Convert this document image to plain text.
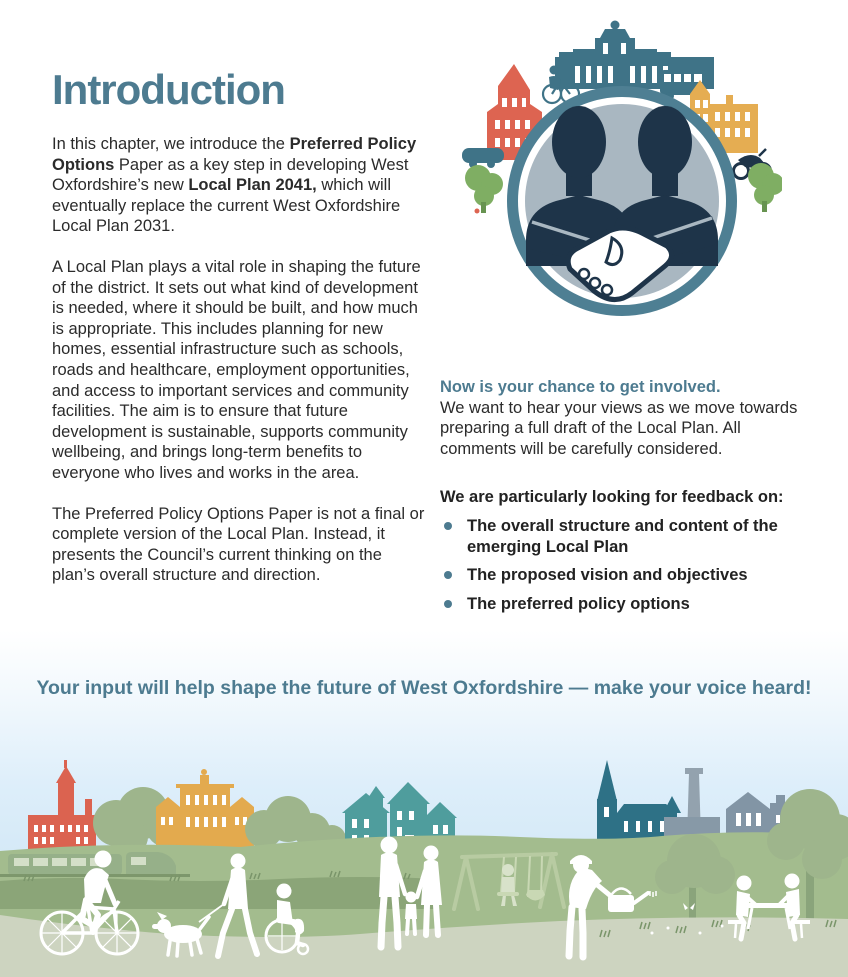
Introduction

In this chapter, we introduce the Preferred Policy Options Paper as a key step in developing West Oxfordshire’s new Local Plan 2041, which will eventually replace the current West Oxfordshire Local Plan 2031.

A Local Plan plays a vital role in shaping the future of the district. It sets out what kind of development is needed, where it should be built, and how much is appropriate. This includes planning for new homes, essential infrastructure such as schools, roads and healthcare, employment opportunities, and access to important services and community facilities. The aim is to ensure that future development is sustainable, supports community wellbeing, and brings long-term benefits to everyone who lives and works in the area.

The Preferred Policy Options Paper is not a final or complete version of the Local Plan. Instead, it presents the Council’s current thinking on the plan’s overall structure and direction.

Now is your chance to get involved.

We want to hear your views as we move towards preparing a full draft of the Local Plan. All comments will be carefully considered.

We are particularly looking for feedback on:

The overall structure and content of the emerging Local Plan
The proposed vision and objectives
The preferred policy options
Your input will help shape the future of West Oxfordshire — make your voice heard!
